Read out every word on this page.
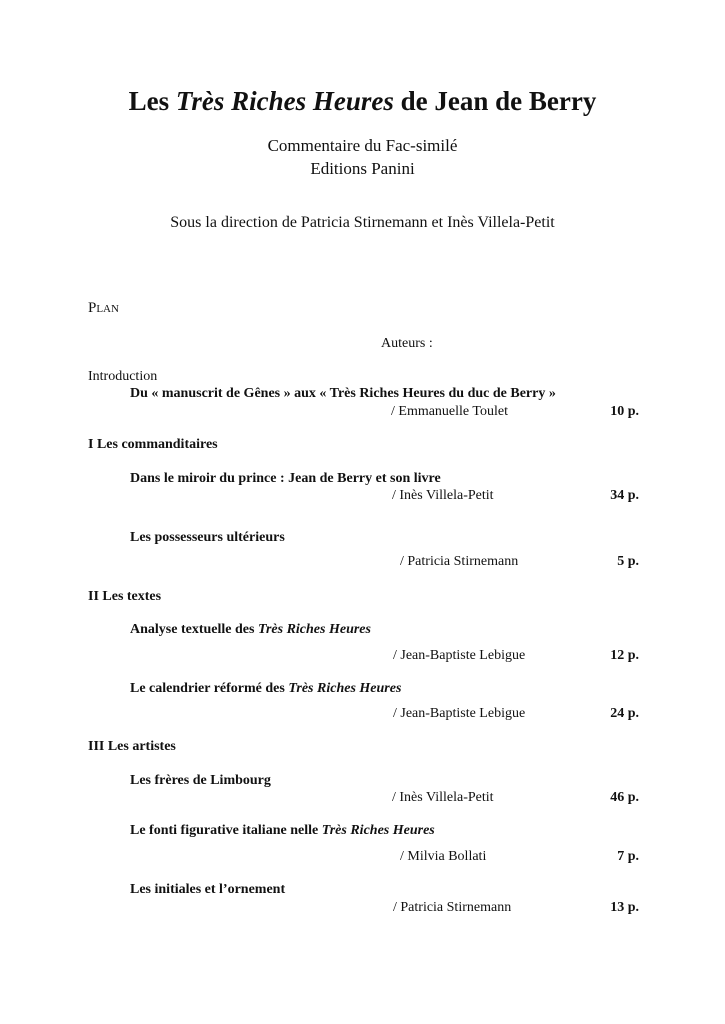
Les Très Riches Heures de Jean de Berry
Commentaire du Fac-similé
Editions Panini
Sous la direction de Patricia Stirnemann et Inès Villela-Petit
Plan
Auteurs :
Introduction
Du « manuscrit de Gênes » aux « Très Riches Heures du duc de Berry »
/ Emmanuelle Toulet	10 p.
I Les commanditaires
Dans le miroir du prince : Jean de Berry et son livre
/ Inès Villela-Petit	34 p.
Les possesseurs ultérieurs
/ Patricia Stirnemann	5 p.
II Les textes
Analyse textuelle des Très Riches Heures
/ Jean-Baptiste Lebigue	12 p.
Le calendrier réformé des Très Riches Heures
/ Jean-Baptiste Lebigue	24 p.
III Les artistes
Les frères de Limbourg
/ Inès Villela-Petit	46 p.
Le fonti figurative italiane nelle Très Riches Heures
/ Milvia Bollati	7 p.
Les initiales et l’ornement
/ Patricia Stirnemann	13 p.
